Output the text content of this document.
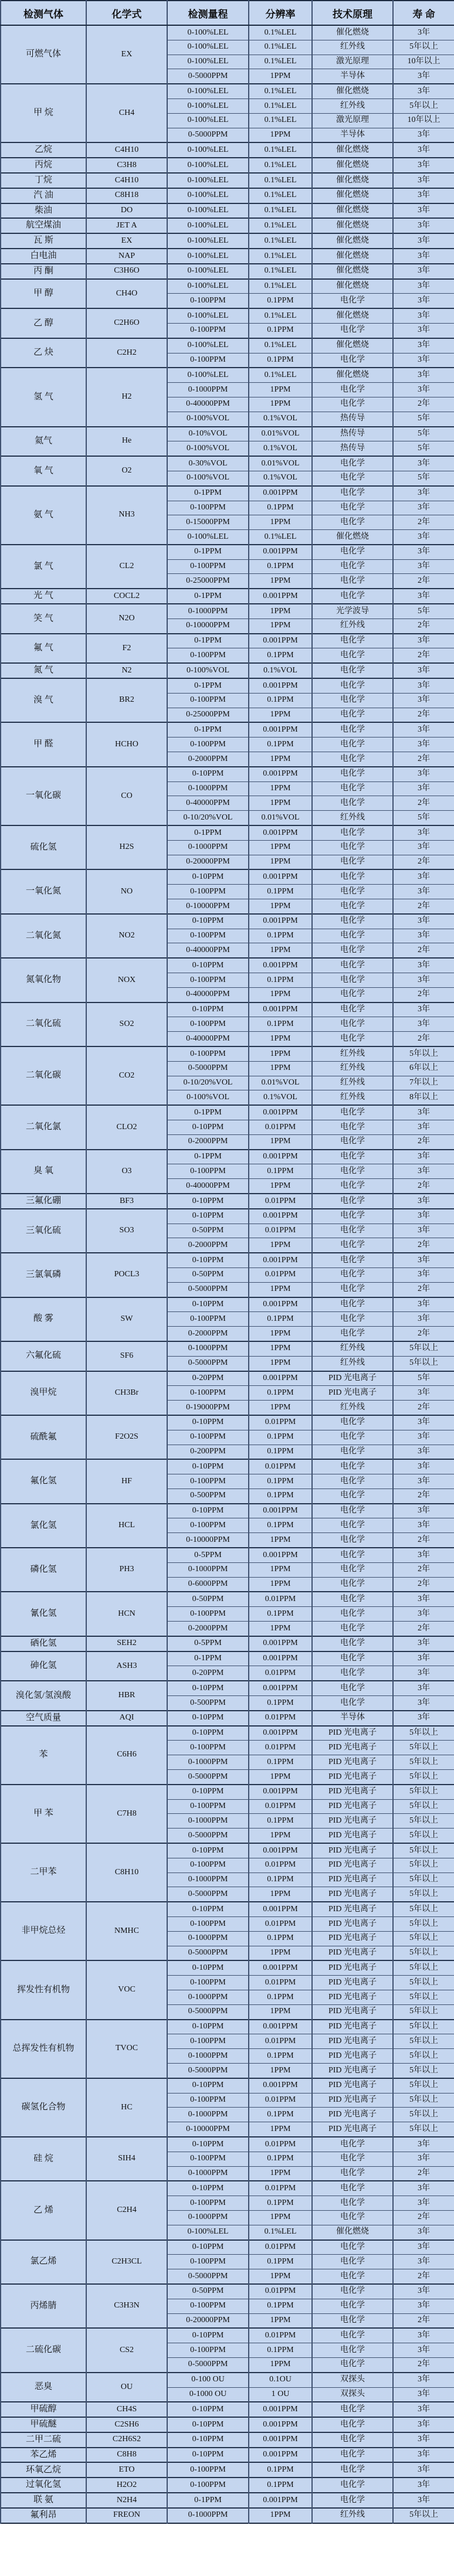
检测气体	化学式	检测量程	分辨率	技术原理	寿 命
可燃气体	EX	0-100%LEL	0.1%LEL	催化燃烧	3年
		0-100%LEL	0.1%LEL	红外线	5年以上
		0-100%LEL	0.1%LEL	激光原理	10年以上
		0-5000PPM	1PPM	半导体	3年
甲 烷	CH4	0-100%LEL	0.1%LEL	催化燃烧	3年
		0-100%LEL	0.1%LEL	红外线	5年以上
		0-100%LEL	0.1%LEL	激光原理	10年以上
		0-5000PPM	1PPM	半导体	3年
乙烷	C4H10	0-100%LEL	0.1%LEL	催化燃烧	3年
丙烷	C3H8	0-100%LEL	0.1%LEL	催化燃烧	3年
丁烷	C4H10	0-100%LEL	0.1%LEL	催化燃烧	3年
汽 油	C8H18	0-100%LEL	0.1%LEL	催化燃烧	3年
柴油	DO	0-100%LEL	0.1%LEL	催化燃烧	3年
航空煤油	JET A	0-100%LEL	0.1%LEL	催化燃烧	3年
瓦 斯	EX	0-100%LEL	0.1%LEL	催化燃烧	3年
白电油	NAP	0-100%LEL	0.1%LEL	催化燃烧	3年
丙 酮	C3H6O	0-100%LEL	0.1%LEL	催化燃烧	3年
甲 醇	CH4O	0-100%LEL	0.1%LEL	催化燃烧	3年
		0-100PPM	0.1PPM	电化学	3年
乙 醇	C2H6O	0-100%LEL	0.1%LEL	催化燃烧	3年
		0-100PPM	0.1PPM	电化学	3年
乙 炔	C2H2	0-100%LEL	0.1%LEL	催化燃烧	3年
		0-100PPM	0.1PPM	电化学	3年
氢 气	H2	0-100%LEL	0.1%LEL	催化燃烧	3年
		0-1000PPM	1PPM	电化学	3年
		0-40000PPM	1PPM	电化学	2年
		0-100%VOL	0.1%VOL	热传导	5年
氦气	He	0-10%VOL	0.01%VOL	热传导	5年
		0-100%VOL	0.1%VOL	热传导	5年
氧 气	O2	0-30%VOL	0.01%VOL	电化学	3年
		0-100%VOL	0.1%VOL	电化学	5年
氨 气	NH3	0-1PPM	0.001PPM	电化学	3年
		0-100PPM	0.1PPM	电化学	3年
		0-15000PPM	1PPM	电化学	2年
		0-100%LEL	0.1%LEL	催化燃烧	3年
氯 气	CL2	0-1PPM	0.001PPM	电化学	3年
		0-100PPM	0.1PPM	电化学	3年
		0-25000PPM	1PPM	电化学	2年
光 气	COCL2	0-1PPM	0.001PPM	电化学	3年
笑 气	N2O	0-1000PPM	1PPM	光学波导	5年
		0-10000PPM	1PPM	红外线	2年
氟 气	F2	0-1PPM	0.001PPM	电化学	3年
		0-100PPM	0.1PPM	电化学	2年
氮 气	N2	0-100%VOL	0.1%VOL	电化学	3年
溴 气	BR2	0-1PPM	0.001PPM	电化学	3年
		0-100PPM	0.1PPM	电化学	3年
		0-25000PPM	1PPM	电化学	2年
甲 醛	HCHO	0-1PPM	0.001PPM	电化学	3年
		0-100PPM	0.1PPM	电化学	3年
		0-2000PPM	1PPM	电化学	2年
一氧化碳	CO	0-10PPM	0.001PPM	电化学	3年
		0-1000PPM	1PPM	电化学	3年
		0-40000PPM	1PPM	电化学	2年
		0-10/20%VOL	0.01%VOL	红外线	5年
硫化氢	H2S	0-1PPM	0.001PPM	电化学	3年
		0-1000PPM	1PPM	电化学	3年
		0-20000PPM	1PPM	电化学	2年
一氧化氮	NO	0-10PPM	0.001PPM	电化学	3年
		0-100PPM	0.1PPM	电化学	3年
		0-10000PPM	1PPM	电化学	2年
二氧化氮	NO2	0-10PPM	0.001PPM	电化学	3年
		0-100PPM	0.1PPM	电化学	3年
		0-40000PPM	1PPM	电化学	2年
氮氧化物	NOX	0-10PPM	0.001PPM	电化学	3年
		0-100PPM	0.1PPM	电化学	3年
		0-40000PPM	1PPM	电化学	2年
二氧化硫	SO2	0-10PPM	0.001PPM	电化学	3年
		0-100PPM	0.1PPM	电化学	3年
		0-40000PPM	1PPM	电化学	2年
二氧化碳	CO2	0-100PPM	1PPM	红外线	5年以上
		0-5000PPM	1PPM	红外线	6年以上
		0-10/20%VOL	0.01%VOL	红外线	7年以上
		0-100%VOL	0.1%VOL	红外线	8年以上
二氧化氯	CLO2	0-1PPM	0.001PPM	电化学	3年
		0-10PPM	0.01PPM	电化学	3年
		0-2000PPM	1PPM	电化学	2年
臭 氧	O3	0-1PPM	0.001PPM	电化学	3年
		0-100PPM	0.1PPM	电化学	3年
		0-40000PPM	1PPM	电化学	2年
三氟化硼	BF3	0-10PPM	0.01PPM	电化学	3年
三氧化硫	SO3	0-10PPM	0.001PPM	电化学	3年
		0-50PPM	0.01PPM	电化学	3年
		0-2000PPM	1PPM	电化学	2年
三氯氧磷	POCL3	0-10PPM	0.001PPM	电化学	3年
		0-50PPM	0.01PPM	电化学	3年
		0-5000PPM	1PPM	电化学	2年
酸 雾	SW	0-10PPM	0.001PPM	电化学	3年
		0-100PPM	0.1PPM	电化学	3年
		0-2000PPM	1PPM	电化学	2年
六氟化硫	SF6	0-1000PPM	1PPM	红外线	5年以上
		0-5000PPM	1PPM	红外线	5年以上
溴甲烷	CH3Br	0-20PPM	0.001PPM	PID 光电离子	5年
		0-100PPM	0.1PPM	PID 光电离子	3年
		0-19000PPM	1PPM	红外线	2年
硫酰氟	F2O2S	0-10PPM	0.01PPM	电化学	3年
		0-100PPM	0.1PPM	电化学	3年
		0-200PPM	0.1PPM	电化学	3年
氟化氢	HF	0-10PPM	0.01PPM	电化学	3年
		0-100PPM	0.1PPM	电化学	3年
		0-500PPM	0.1PPM	电化学	2年
氯化氢	HCL	0-10PPM	0.001PPM	电化学	3年
		0-100PPM	0.1PPM	电化学	3年
		0-10000PPM	1PPM	电化学	2年
磷化氢	PH3	0-5PPM	0.001PPM	电化学	3年
		0-1000PPM	1PPM	电化学	2年
		0-6000PPM	1PPM	电化学	2年
氰化氢	HCN	0-50PPM	0.01PPM	电化学	3年
		0-100PPM	0.1PPM	电化学	3年
		0-2000PPM	1PPM	电化学	2年
硒化氢	SEH2	0-5PPM	0.001PPM	电化学	3年
砷化氢	ASH3	0-1PPM	0.001PPM	电化学	3年
		0-20PPM	0.01PPM	电化学	3年
溴化氢/氢溴酸	HBR	0-10PPM	0.001PPM	电化学	3年
		0-500PPM	0.1PPM	电化学	3年
空气质量	AQI	0-10PPM	0.01PPM	半导体	3年
苯	C6H6	0-10PPM	0.001PPM	PID 光电离子	5年以上
		0-100PPM	0.01PPM	PID 光电离子	5年以上
		0-1000PPM	0.1PPM	PID 光电离子	5年以上
		0-5000PPM	1PPM	PID 光电离子	5年以上
甲 苯	C7H8	0-10PPM	0.001PPM	PID 光电离子	5年以上
		0-100PPM	0.01PPM	PID 光电离子	5年以上
		0-1000PPM	0.1PPM	PID 光电离子	5年以上
		0-5000PPM	1PPM	PID 光电离子	5年以上
二甲苯	C8H10	0-10PPM	0.001PPM	PID 光电离子	5年以上
		0-100PPM	0.01PPM	PID 光电离子	5年以上
		0-1000PPM	0.1PPM	PID 光电离子	5年以上
		0-5000PPM	1PPM	PID 光电离子	5年以上
非甲烷总烃	NMHC	0-10PPM	0.001PPM	PID 光电离子	5年以上
		0-100PPM	0.01PPM	PID 光电离子	5年以上
		0-1000PPM	0.1PPM	PID 光电离子	5年以上
		0-5000PPM	1PPM	PID 光电离子	5年以上
挥发性有机物	VOC	0-10PPM	0.001PPM	PID 光电离子	5年以上
		0-100PPM	0.01PPM	PID 光电离子	5年以上
		0-1000PPM	0.1PPM	PID 光电离子	5年以上
		0-5000PPM	1PPM	PID 光电离子	5年以上
总挥发性有机物	TVOC	0-10PPM	0.001PPM	PID 光电离子	5年以上
		0-100PPM	0.01PPM	PID 光电离子	5年以上
		0-1000PPM	0.1PPM	PID 光电离子	5年以上
		0-5000PPM	1PPM	PID 光电离子	5年以上
碳氢化合物	HC	0-10PPM	0.001PPM	PID 光电离子	5年以上
		0-100PPM	0.01PPM	PID 光电离子	5年以上
		0-1000PPM	0.1PPM	PID 光电离子	5年以上
		0-10000PPM	1PPM	PID 光电离子	5年以上
硅 烷	SIH4	0-10PPM	0.01PPM	电化学	3年
		0-100PPM	0.1PPM	电化学	3年
		0-1000PPM	1PPM	电化学	2年
乙 烯	C2H4	0-10PPM	0.01PPM	电化学	3年
		0-100PPM	0.1PPM	电化学	3年
		0-1000PPM	1PPM	电化学	2年
		0-100%LEL	0.1%LEL	催化燃烧	3年
氯乙烯	C2H3CL	0-10PPM	0.01PPM	电化学	3年
		0-100PPM	0.1PPM	电化学	3年
		0-5000PPM	1PPM	电化学	2年
丙烯腈	C3H3N	0-50PPM	0.01PPM	电化学	3年
		0-100PPM	0.1PPM	电化学	3年
		0-20000PPM	1PPM	电化学	2年
二硫化碳	CS2	0-10PPM	0.01PPM	电化学	3年
		0-100PPM	0.1PPM	电化学	3年
		0-5000PPM	1PPM	电化学	2年
恶臭	OU	0-100 OU	0.1OU	双探头	3年
		0-1000 OU	1 OU	双探头	3年
甲硫醇	CH4S	0-10PPM	0.001PPM	电化学	3年
甲硫醚	C2SH6	0-10PPM	0.001PPM	电化学	3年
二甲二硫	C2H6S2	0-10PPM	0.001PPM	电化学	3年
苯乙烯	C8H8	0-10PPM	0.001PPM	电化学	3年
环氧乙烷	ETO	0-100PPM	0.1PPM	电化学	3年
过氧化氢	H2O2	0-100PPM	0.1PPM	电化学	3年
联 氨	N2H4	0-1PPM	0.001PPM	电化学	3年
氟利昂	FREON	0-1000PPM	1PPM	红外线	5年以上
